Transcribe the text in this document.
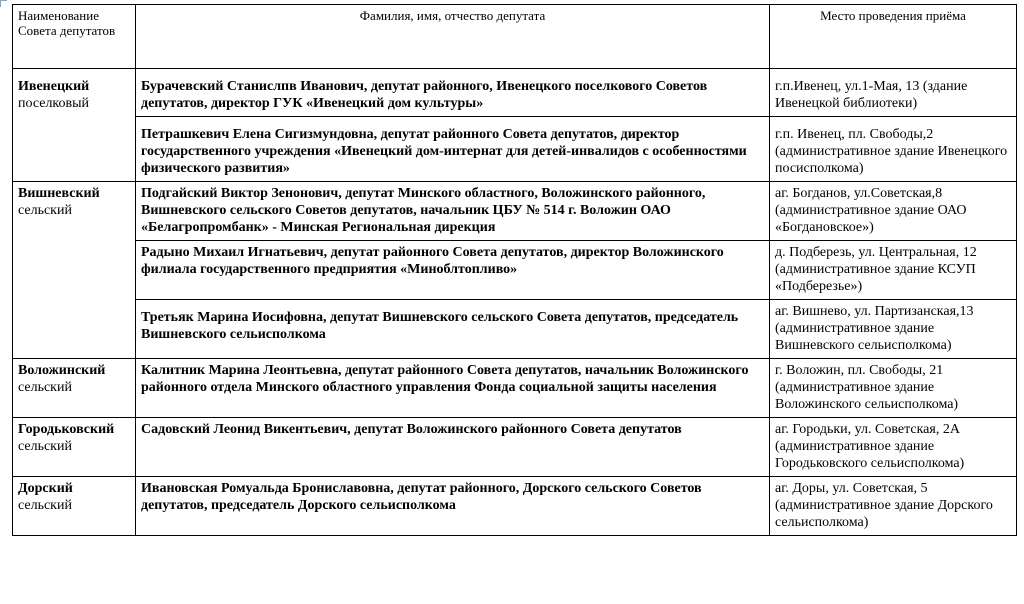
Наименование Совета депутатов	Фамилия, имя, отчество депутата	Место проведения приёма

Ивенецкий
поселковый	Бурачевский Станислпв Иванович, депутат районного, Ивенецкого поселкового Советов депутатов, директор ГУК «Ивенецкий дом культуры»	г.п.Ивенец, ул.1-Мая, 13 (здание Ивенецкой библиотеки)

Петрашкевич Елена Сигизмундовна, депутат районного Совета депутатов, директор государственного учреждения «Ивенецкий дом-интернат для детей-инвалидов с особенностями физического развития»	г.п. Ивенец, пл. Свободы,2 (административное здание Ивенецкого посисполкома)

Вишневский
сельский	Подгайский Виктор Зенонович, депутат Минского областного, Воложинского районного, Вишневского сельского Советов депутатов, начальник ЦБУ № 514 г. Воложин ОАО «Белагропромбанк» - Минская Региональная дирекция	аг. Богданов, ул.Советская,8 (административное здание ОАО «Богдановское»)
	Радыно Михаил Игнатьевич, депутат районного Совета депутатов, директор Воложинского филиала государственного предприятия «Миноблтопливо»	д. Подберезь, ул. Центральная, 12 (административное здание КСУП «Подберезье»)

Третьяк Марина Иосифовна, депутат Вишневского сельского Совета депутатов, председатель Вишневского сельисполкома	аг. Вишнево, ул. Партизанская,13 (административное здание Вишневского сельисполкома)

Воложинский
сельский	Калитник Марина Леонтьевна, депутат районного Совета депутатов, начальник Воложинского районного отдела Минского областного управления Фонда социальной защиты населения	г. Воложин, пл. Свободы, 21 (административное здание Воложинского сельисполкома)

Городьковский
сельский	Садовский Леонид Викентьевич, депутат Воложинского районного Совета депутатов	аг. Городьки, ул. Советская, 2А (административное здание Городьковского сельисполкома)

Дорский
сельский	Ивановская Ромуальда Брониславовна, депутат районного, Дорского сельского Советов депутатов, председатель Дорского сельисполкома	аг. Доры, ул. Советская, 5 (административное здание Дорского сельисполкома)
